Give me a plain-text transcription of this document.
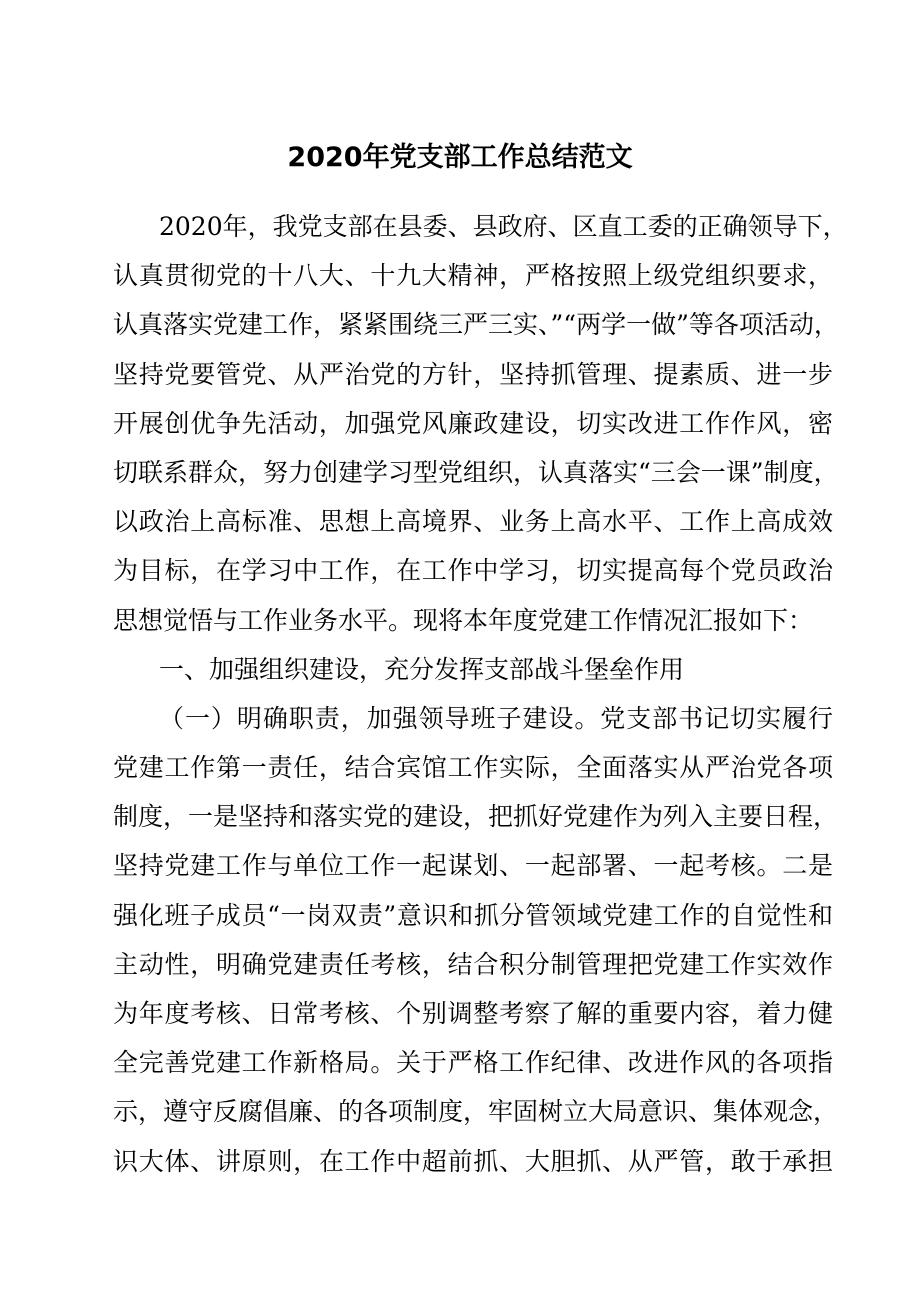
2020年党支部工作总结范文
2020年，我党支部在县委、县政府、区直工委的正确领导下，
认真贯彻党的十八大、十九大精神，严格按照上级党组织要求，
认真落实党建工作，紧紧围绕三严三实、”“两学一做”等各项活动，
坚持党要管党、从严治党的方针，坚持抓管理、提素质、进一步
开展创优争先活动，加强党风廉政建设，切实改进工作作风，密
切联系群众，努力创建学习型党组织，认真落实“三会一课”制度，
以政治上高标准、思想上高境界、业务上高水平、工作上高成效
为目标，在学习中工作，在工作中学习，切实提高每个党员政治
思想觉悟与工作业务水平。现将本年度党建工作情况汇报如下：
一、加强组织建设，充分发挥支部战斗堡垒作用
（一）明确职责，加强领导班子建设。党支部书记切实履行
党建工作第一责任，结合宾馆工作实际，全面落实从严治党各项
制度，一是坚持和落实党的建设，把抓好党建作为列入主要日程，
坚持党建工作与单位工作一起谋划、一起部署、一起考核。二是
强化班子成员“一岗双责”意识和抓分管领域党建工作的自觉性和
主动性，明确党建责任考核，结合积分制管理把党建工作实效作
为年度考核、日常考核、个别调整考察了解的重要内容，着力健
全完善党建工作新格局。关于严格工作纪律、改进作风的各项指
示，遵守反腐倡廉、的各项制度，牢固树立大局意识、集体观念，
识大体、讲原则，在工作中超前抓、大胆抓、从严管，敢于承担
